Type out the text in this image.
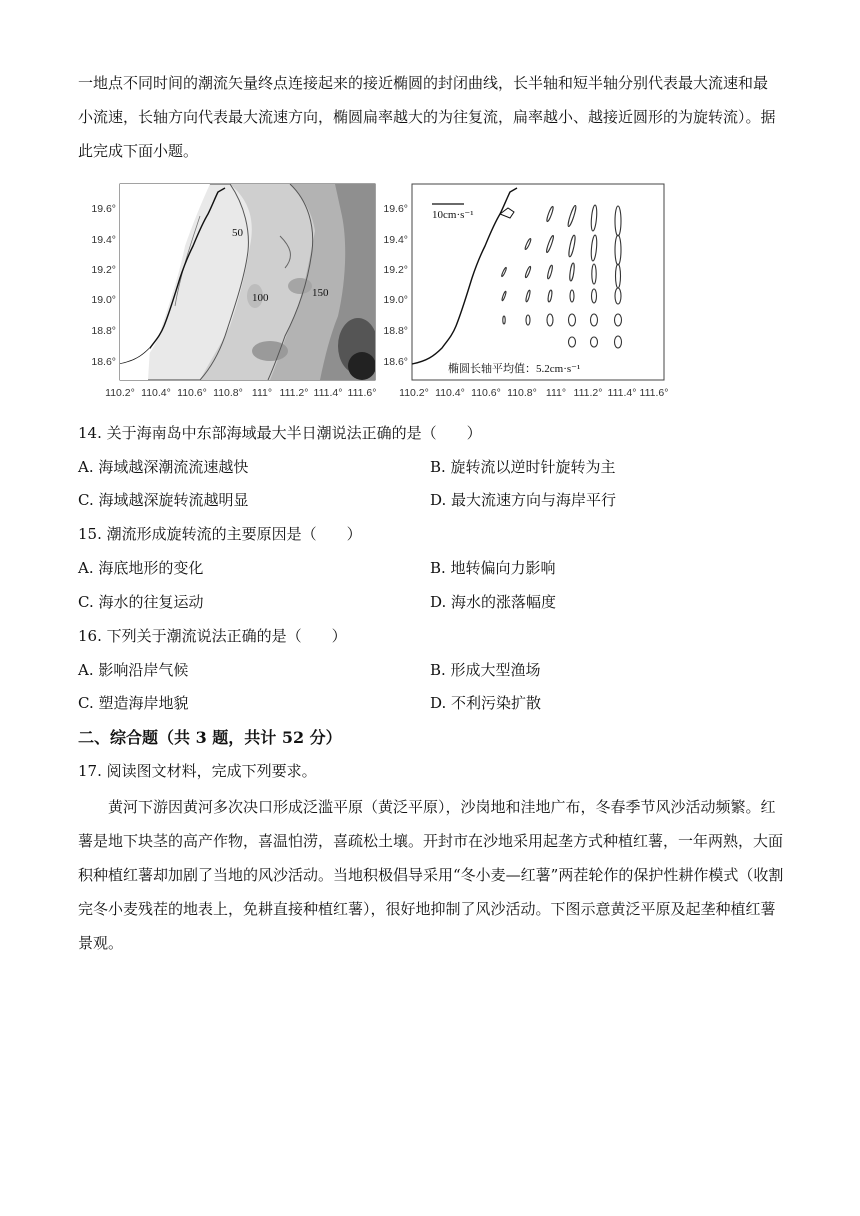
一地点不同时间的潮流矢量终点连接起来的接近椭圆的封闭曲线，长半轴和短半轴分别代表最大流速和最
小流速，长轴方向代表最大流速方向，椭圆扁率越大的为往复流，扁率越小、越接近圆形的为旋转流）。据
此完成下面小题。
50
100	150
19.6°
19.4°
19.2°
19.0°
18.8°
18.6°
110.2° 110.4° 110.6° 110.8° 111° 111.2° 111.4° 111.6°
10cm·s⁻¹
椭圆长轴平均值：5.2cm·s⁻¹
19.6°
19.4°
19.2°
19.0°
18.8°
18.6°
110.2° 110.4° 110.6° 110.8° 111° 111.2° 111.4° 111.6°
14. 关于海南岛中东部海域最大半日潮说法正确的是（　　）
A. 海域越深潮流流速越快	B. 旋转流以逆时针旋转为主
C. 海域越深旋转流越明显	D. 最大流速方向与海岸平行
15. 潮流形成旋转流的主要原因是（　　）
A. 海底地形的变化	B. 地转偏向力影响
C. 海水的往复运动	D. 海水的涨落幅度
16. 下列关于潮流说法正确的是（　　）
A. 影响沿岸气候	B. 形成大型渔场
C. 塑造海岸地貌	D. 不利污染扩散
二、综合题（共 3 题，共计 52 分）
17. 阅读图文材料，完成下列要求。
黄河下游因黄河多次决口形成泛滥平原（黄泛平原），沙岗地和洼地广布，冬春季节风沙活动频繁。红薯是地下块茎的高产作物，喜温怕涝，喜疏松土壤。开封市在沙地采用起垄方式种植红薯，一年两熟，大面积种植红薯却加剧了当地的风沙活动。当地积极倡导采用“冬小麦—红薯”两茬轮作的保护性耕作模式（收割完冬小麦残茬的地表上，免耕直接种植红薯），很好地抑制了风沙活动。下图示意黄泛平原及起垄种植红薯景观。
